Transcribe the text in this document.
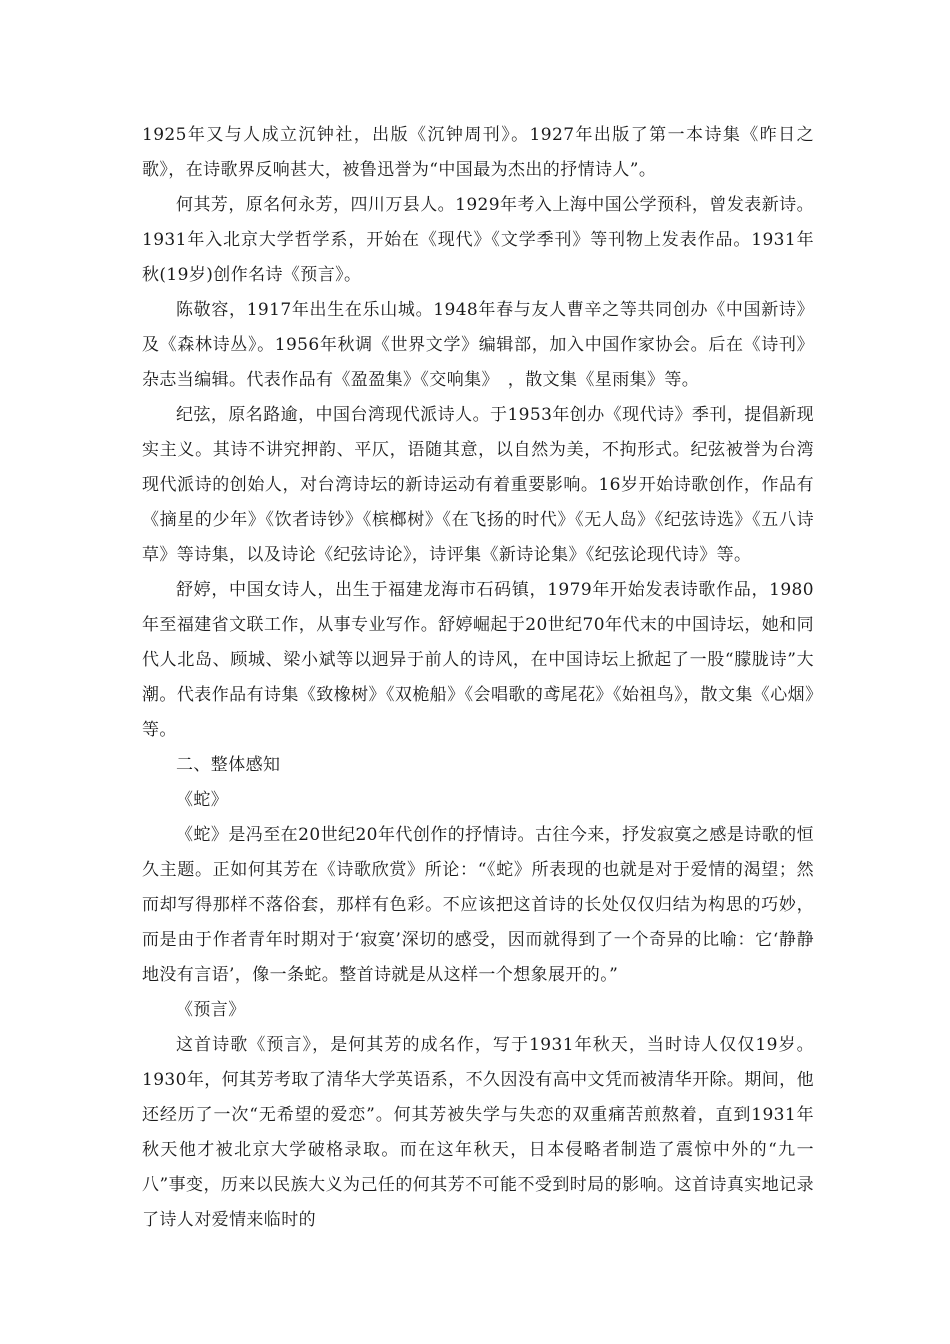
1925年又与人成立沉钟社，出版《沉钟周刊》。1927年出版了第一本诗集《昨日之歌》，在诗歌界反响甚大，被鲁迅誉为“中国最为杰出的抒情诗人”。

何其芳，原名何永芳，四川万县人。1929年考入上海中国公学预科，曾发表新诗。1931年入北京大学哲学系，开始在《现代》《文学季刊》等刊物上发表作品。1931年秋(19岁)创作名诗《预言》。

陈敬容，1917年出生在乐山城。1948年春与友人曹辛之等共同创办《中国新诗》及《森林诗丛》。1956年秋调《世界文学》编辑部，加入中国作家协会。后在《诗刊》杂志当编辑。代表作品有《盈盈集》《交响集》　，散文集《星雨集》等。

纪弦，原名路逾，中国台湾现代派诗人。于1953年创办《现代诗》季刊，提倡新现实主义。其诗不讲究押韵、平仄，语随其意，以自然为美，不拘形式。纪弦被誉为台湾现代派诗的创始人，对台湾诗坛的新诗运动有着重要影响。16岁开始诗歌创作，作品有《摘星的少年》《饮者诗钞》《槟榔树》《在飞扬的时代》《无人岛》《纪弦诗选》《五八诗草》等诗集，以及诗论《纪弦诗论》，诗评集《新诗论集》《纪弦论现代诗》等。

舒婷，中国女诗人，出生于福建龙海市石码镇，1979年开始发表诗歌作品，1980年至福建省文联工作，从事专业写作。舒婷崛起于20世纪70年代末的中国诗坛，她和同代人北岛、顾城、梁小斌等以迥异于前人的诗风，在中国诗坛上掀起了一股“朦胧诗”大潮。代表作品有诗集《致橡树》《双桅船》《会唱歌的鸢尾花》《始祖鸟》，散文集《心烟》等。

二、整体感知

《蛇》

《蛇》是冯至在20世纪20年代创作的抒情诗。古往今来，抒发寂寞之感是诗歌的恒久主题。正如何其芳在《诗歌欣赏》所论：“《蛇》所表现的也就是对于爱情的渴望；然而却写得那样不落俗套，那样有色彩。不应该把这首诗的长处仅仅归结为构思的巧妙，而是由于作者青年时期对于‘寂寞’深切的感受，因而就得到了一个奇异的比喻：它‘静静地没有言语’，像一条蛇。整首诗就是从这样一个想象展开的。”

《预言》

这首诗歌《预言》，是何其芳的成名作，写于1931年秋天，当时诗人仅仅19岁。1930年，何其芳考取了清华大学英语系，不久因没有高中文凭而被清华开除。期间，他还经历了一次“无希望的爱恋”。何其芳被失学与失恋的双重痛苦煎熬着，直到1931年秋天他才被北京大学破格录取。而在这年秋天，日本侵略者制造了震惊中外的“九一八”事变，历来以民族大义为己任的何其芳不可能不受到时局的影响。这首诗真实地记录了诗人对爱情来临时的
